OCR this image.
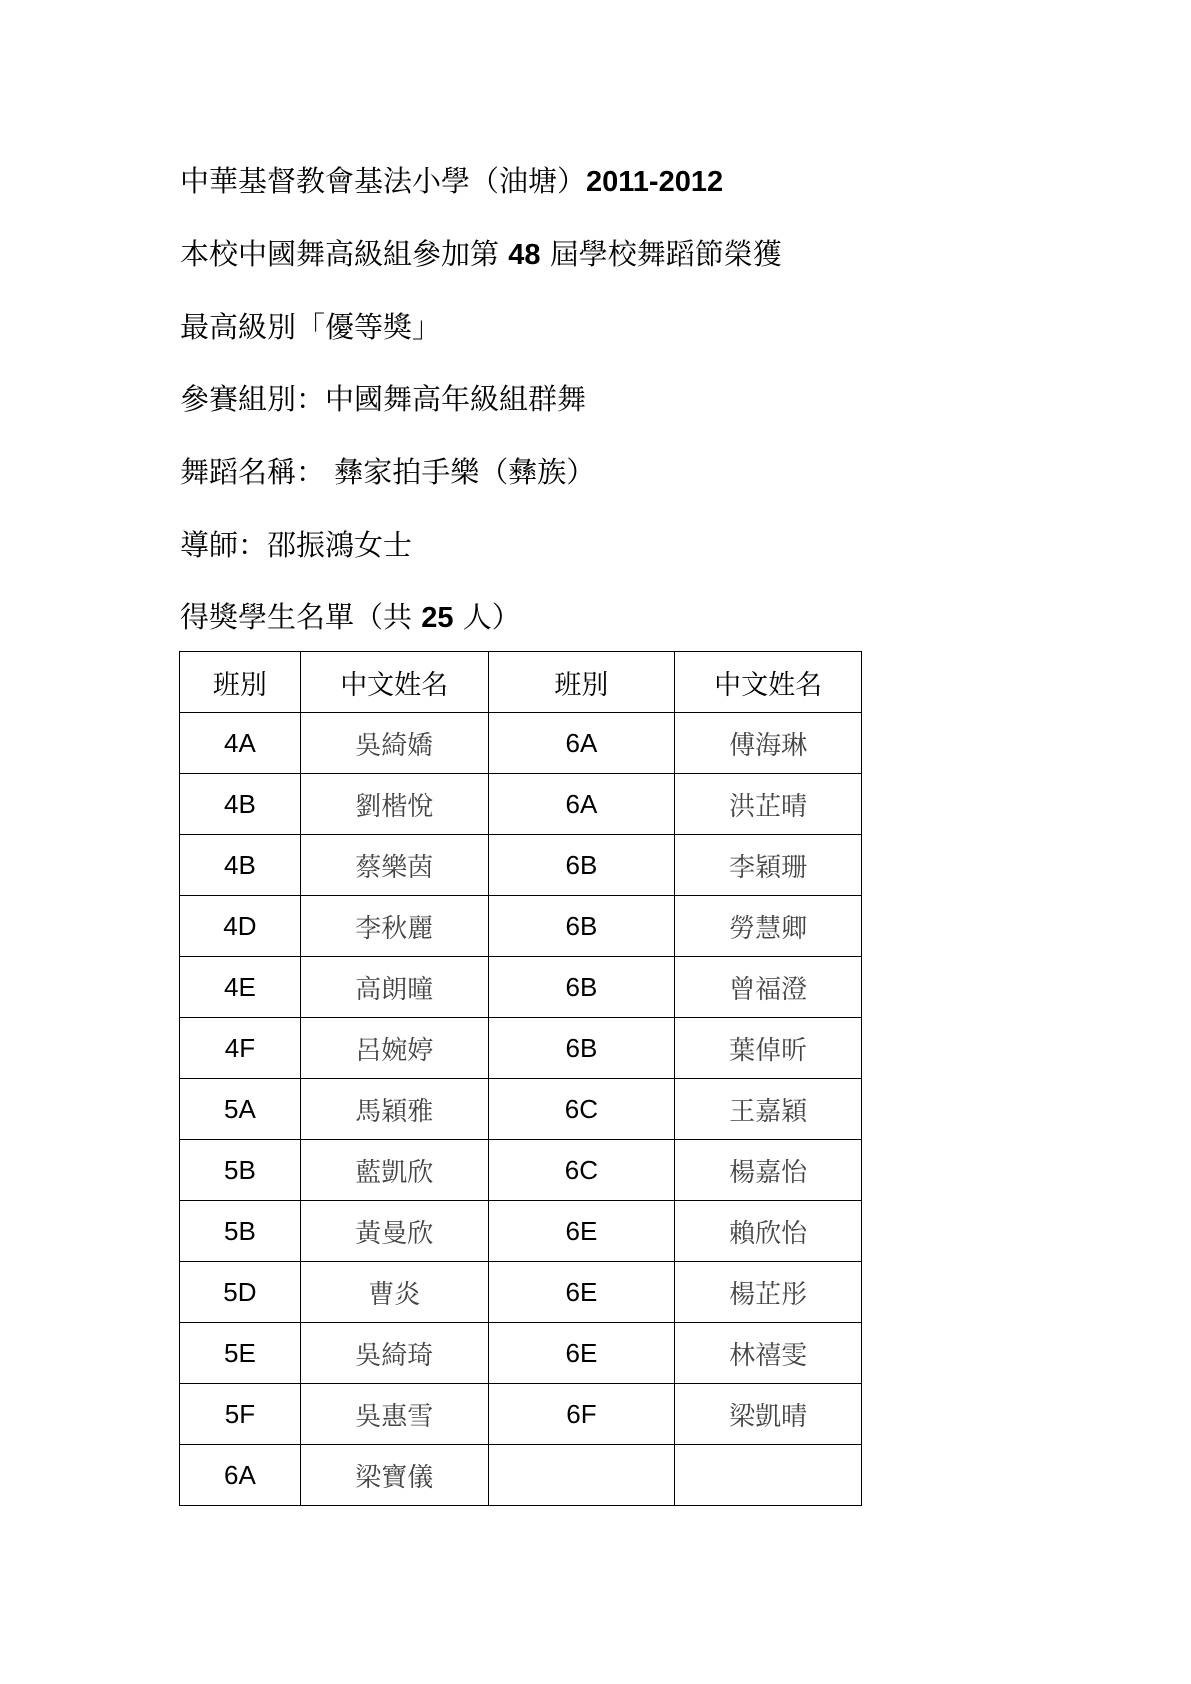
中華基督教會基法小學（油塘）2011-2012
本校中國舞高級組參加第 48 屆學校舞蹈節榮獲
最高級別「優等獎」
參賽組別：中國舞高年級組群舞
舞蹈名稱： 彝家拍手樂（彝族）
導師：邵振鴻女士
得獎學生名單（共 25 人）
班別	中文姓名	班別	中文姓名
4A	吳綺嬌	6A	傅海琳
4B	劉楷悅	6A	洪芷晴
4B	蔡樂茵	6B	李穎珊
4D	李秋麗	6B	勞慧卿
4E	高朗曈	6B	曾福澄
4F	呂婉婷	6B	葉倬昕
5A	馬穎雅	6C	王嘉穎
5B	藍凱欣	6C	楊嘉怡
5B	黃曼欣	6E	賴欣怡
5D	曹炎	6E	楊芷彤
5E	吳綺琦	6E	林禧雯
5F	吳惠雪	6F	梁凱晴
6A	梁寶儀		
